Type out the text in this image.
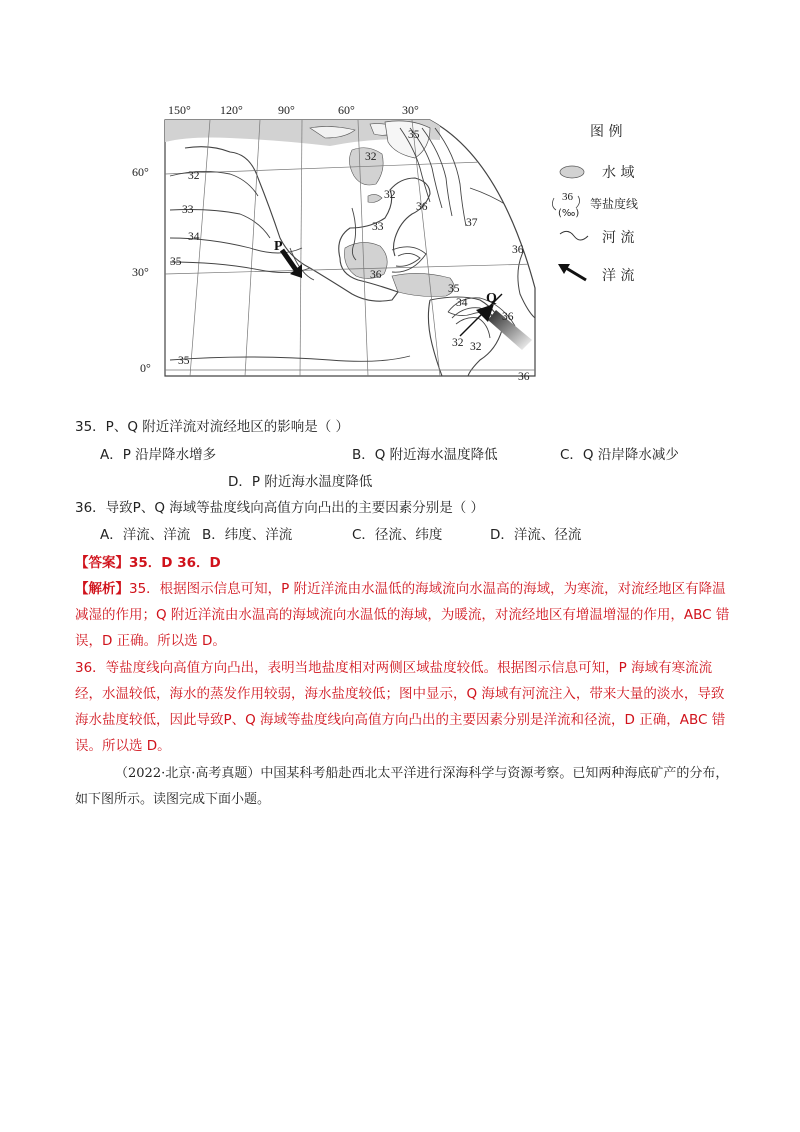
150° 120°	90°	60°	30°
60°
30°
0°
32
33
34
35
35
32
32
33
36
35
36
37
36
35
34
32 32
36
36
P
Q
图 例
水 域
36
(‰)
等盐度线
河 流
洋 流
35．P、Q 附近洋流对流经地区的影响是（ ）
A．P 沿岸降水增多	B．Q 附近海水温度降低	C．Q 沿岸降水减少
D．P 附近海水温度降低
36．导致P、Q 海域等盐度线向高值方向凸出的主要因素分别是（ ）
A．洋流、洋流 B．纬度、洋流	C．径流、纬度	D．洋流、径流
【答案】35．D 36．D
【解析】35．根据图示信息可知，P 附近洋流由水温低的海域流向水温高的海域，为寒流，对流经地区有降温减湿的作用；Q 附近洋流由水温高的海域流向水温低的海域，为暖流，对流经地区有增温增湿的作用，ABC 错误，D 正确。所以选 D。
36．等盐度线向高值方向凸出，表明当地盐度相对两侧区域盐度较低。根据图示信息可知，P 海域有寒流流经，水温较低，海水的蒸发作用较弱，海水盐度较低；图中显示，Q 海域有河流注入，带来大量的淡水，导致海水盐度较低，因此导致P、Q 海域等盐度线向高值方向凸出的主要因素分别是洋流和径流，D 正确，ABC 错误。所以选 D。
（2022·北京·高考真题）中国某科考船赴西北太平洋进行深海科学与资源考察。已知两种海底矿产的分布，如下图所示。读图完成下面小题。
